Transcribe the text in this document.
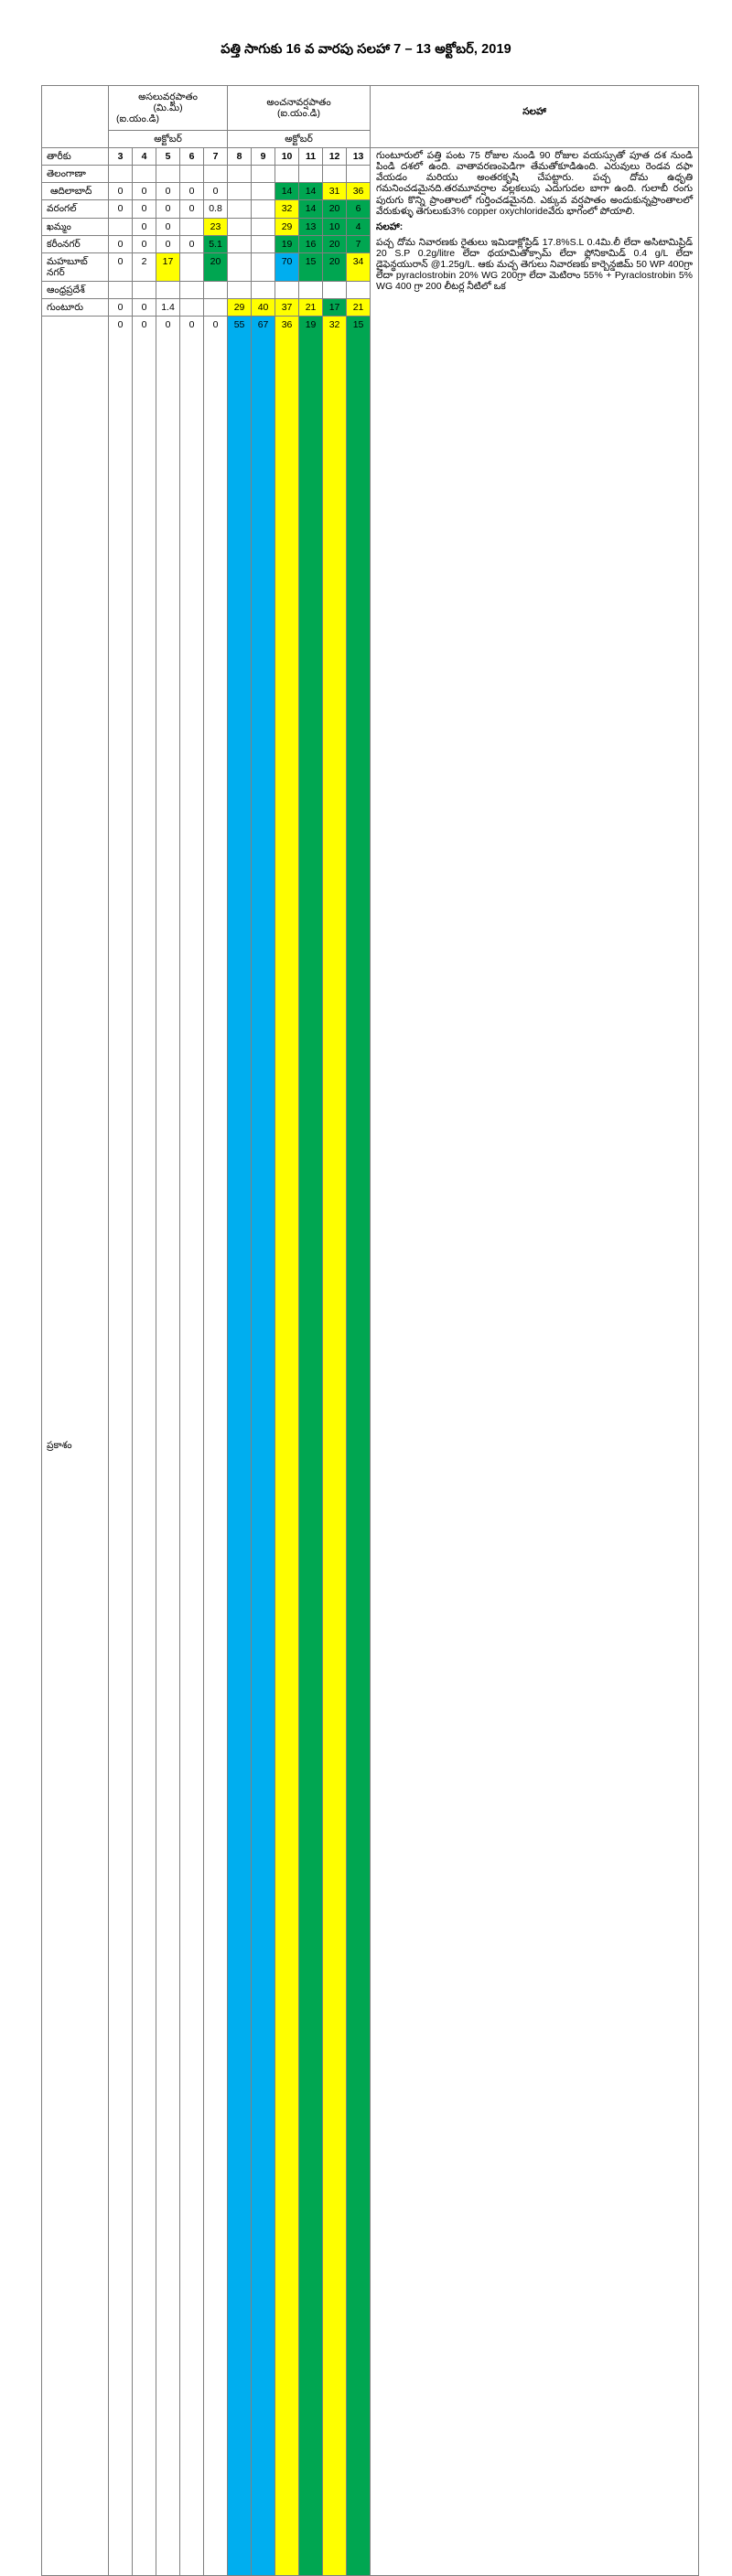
పత్తి సాగుకు 16 వ వారపు సలహా 7 – 13 అక్టోబర్, 2019
	అసలువర్షపాతం
(మి.మీ)
(ఐ.యం.డి)					అంచనావర్షపాతం
(ఐ.యం.డి)						సలహా
	అక్టోబర్					అక్టోబర్						
తారీకు	3	4	5	6	7	8	9	10	11	12	13	గుంటూరులో పత్తి పంట 75 రోజుల నుండి 90 రోజుల వయస్సుతో పూత దశ నుండి పిండి దశలో ఉంది. వాతావరణంపెడిగా తేమతోకూడిఉంది. ఎరువులు రెండవ దఫా వేయడం మరియు అంతరకృషి చేపట్టారు. పచ్చ దోమ ఉధృతి గమనించడమైనది.తరమూవర్షాల వల్లకలుపు ఎదుగుదల బాగా ఉంది. గులాబీ రంగు పురుగు కొన్ని ప్రాంతాలలో గుర్తించడమైనది. ఎక్కువ వర్షపాతం అందుకున్నప్రాంతాలలో వేరుకుళ్ళు తెగులుకు3% copper oxychlorideవేరు భాగంలో పోయాలి.

సలహా:

పచ్చ దోమ నివారణకు రైతులు ఇమిడాక్లోప్రిడ్ 17.8%S.L 0.4మి.లీ లేదా అసిటామిప్రిడ్ 20 S.P 0.2g/litre లేదా థయామితోక్సామ్ లేదా ఫ్లోనికామిడ్ 0.4 g/L లేదా డైఫెన్థయురాన్ @1.25g/L. ఆకు మచ్చ తెగులు నివారణకు కార్బెన్డజిమ్ 50 WP 400గ్రా లేదా pyraclostrobin 20% WG 200గ్రా లేదా మెటిరాం 55% + Pyraclostrobin 5% WG 400 గ్రా 200 లీటర్ల నీటిలో ఒక

తెలంగాణా												
ఆదిలాబాద్	0	0	0	0	0			14	14	31	36	
వరంగల్	0	0	0	0	0.8			32	14	20	6	
ఖమ్మం		0	0		23			29	13	10	4	
కరీంనగర్	0	0	0	0	5.1			19	16	20	7	
మహబూబ్ నగర్	0	2	17		20			70	15	20	34	
ఆంధ్రప్రదేశ్												
గుంటూరు	0	0	1.4			29	40	37	21	17	21	
ప్రకాశం	0	0	0	0	0	55	67	36	19	32	15	
